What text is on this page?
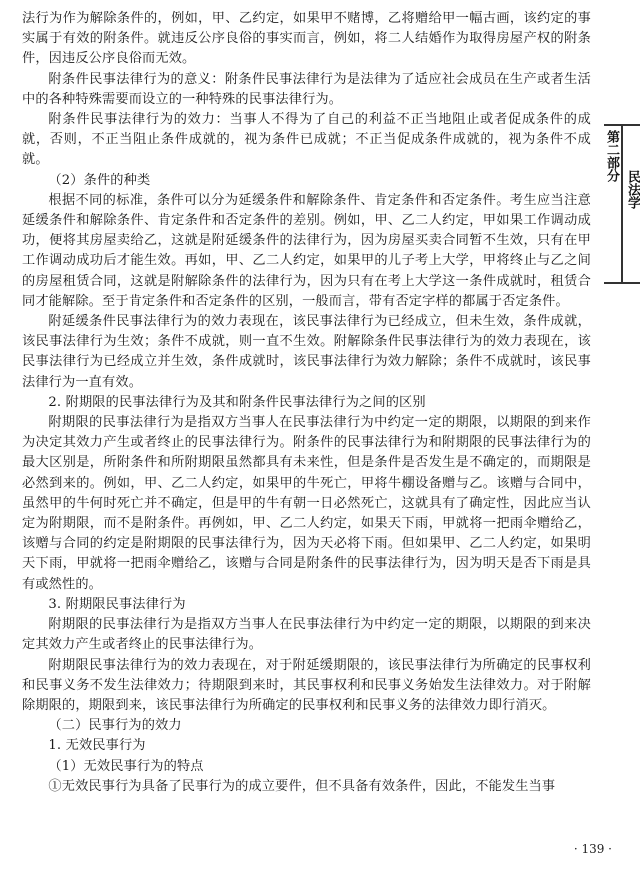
法行为作为解除条件的，例如，甲、乙约定，如果甲不赌博，乙将赠给甲一幅古画，该约定的事实属于有效的附条件。就违反公序良俗的事实而言，例如，将二人结婚作为取得房屋产权的附条件，因违反公序良俗而无效。

附条件民事法律行为的意义：附条件民事法律行为是法律为了适应社会成员在生产或者生活中的各种特殊需要而设立的一种特殊的民事法律行为。

附条件民事法律行为的效力：当事人不得为了自己的利益不正当地阻止或者促成条件的成就，否则，不正当阻止条件成就的，视为条件已成就；不正当促成条件成就的，视为条件不成就。

（2）条件的种类

根据不同的标准，条件可以分为延缓条件和解除条件、肯定条件和否定条件。考生应当注意延缓条件和解除条件、肯定条件和否定条件的差别。例如，甲、乙二人约定，甲如果工作调动成功，便将其房屋卖给乙，这就是附延缓条件的法律行为，因为房屋买卖合同暂不生效，只有在甲工作调动成功后才能生效。再如，甲、乙二人约定，如果甲的儿子考上大学，甲将终止与乙之间的房屋租赁合同，这就是附解除条件的法律行为，因为只有在考上大学这一条件成就时，租赁合同才能解除。至于肯定条件和否定条件的区别，一般而言，带有否定字样的都属于否定条件。

附延缓条件民事法律行为的效力表现在，该民事法律行为已经成立，但未生效，条件成就，该民事法律行为生效；条件不成就，则一直不生效。附解除条件民事法律行为的效力表现在，该民事法律行为已经成立并生效，条件成就时，该民事法律行为效力解除；条件不成就时，该民事法律行为一直有效。

2. 附期限的民事法律行为及其和附条件民事法律行为之间的区别

附期限的民事法律行为是指双方当事人在民事法律行为中约定一定的期限，以期限的到来作为决定其效力产生或者终止的民事法律行为。附条件的民事法律行为和附期限的民事法律行为的最大区别是，所附条件和所附期限虽然都具有未来性，但是条件是否发生是不确定的，而期限是必然到来的。例如，甲、乙二人约定，如果甲的牛死亡，甲将牛棚设备赠与乙。该赠与合同中，虽然甲的牛何时死亡并不确定，但是甲的牛有朝一日必然死亡，这就具有了确定性，因此应当认定为附期限，而不是附条件。再例如，甲、乙二人约定，如果天下雨，甲就将一把雨伞赠给乙，该赠与合同的约定是附期限的民事法律行为，因为天必将下雨。但如果甲、乙二人约定，如果明天下雨，甲就将一把雨伞赠给乙，该赠与合同是附条件的民事法律行为，因为明天是否下雨是具有或然性的。

3. 附期限民事法律行为

附期限的民事法律行为是指双方当事人在民事法律行为中约定一定的期限，以期限的到来决定其效力产生或者终止的民事法律行为。

附期限民事法律行为的效力表现在，对于附延缓期限的，该民事法律行为所确定的民事权利和民事义务不发生法律效力；待期限到来时，其民事权利和民事义务始发生法律效力。对于附解除期限的，期限到来，该民事法律行为所确定的民事权利和民事义务的法律效力即行消灭。

（二）民事行为的效力

1. 无效民事行为

（1）无效民事行为的特点

①无效民事行为具备了民事行为的成立要件，但不具备有效条件，因此，不能发生当事

第二部分
民法学
· 139 ·
